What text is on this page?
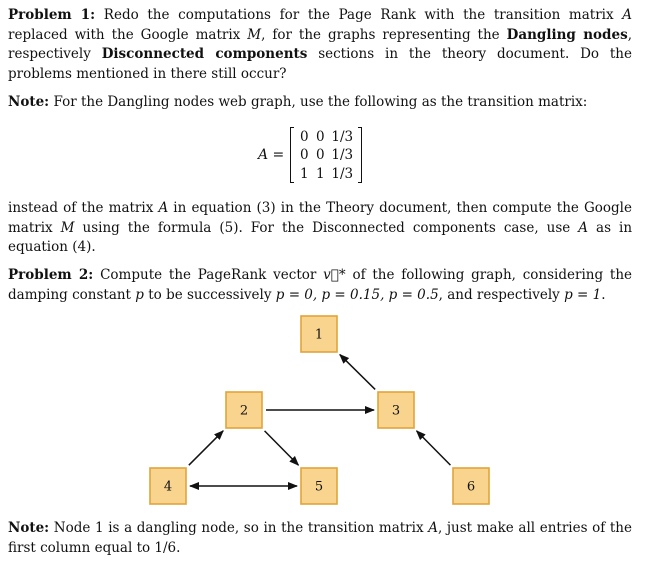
Problem 1: Redo the computations for the Page Rank with the transition matrix A replaced with the Google matrix M, for the graphs representing the Dangling nodes, respectively Disconnected components sections in the theory document. Do the problems mentioned in there still occur?
Note: For the Dangling nodes web graph, use the following as the transition matrix:
A =
0 0 1/3
0 0 1/3
1 1 1/3
instead of the matrix A in equation (3) in the Theory document, then compute the Google matrix M using the formula (5). For the Disconnected components case, use A as in equation (4).
Problem 2: Compute the PageRank vector v⃗* of the following graph, considering the damping constant p to be successively p = 0, p = 0.15, p = 0.5, and respectively p = 1.
1
2	3
4	5	6
Note: Node 1 is a dangling node, so in the transition matrix A, just make all entries of the first column equal to 1/6.
